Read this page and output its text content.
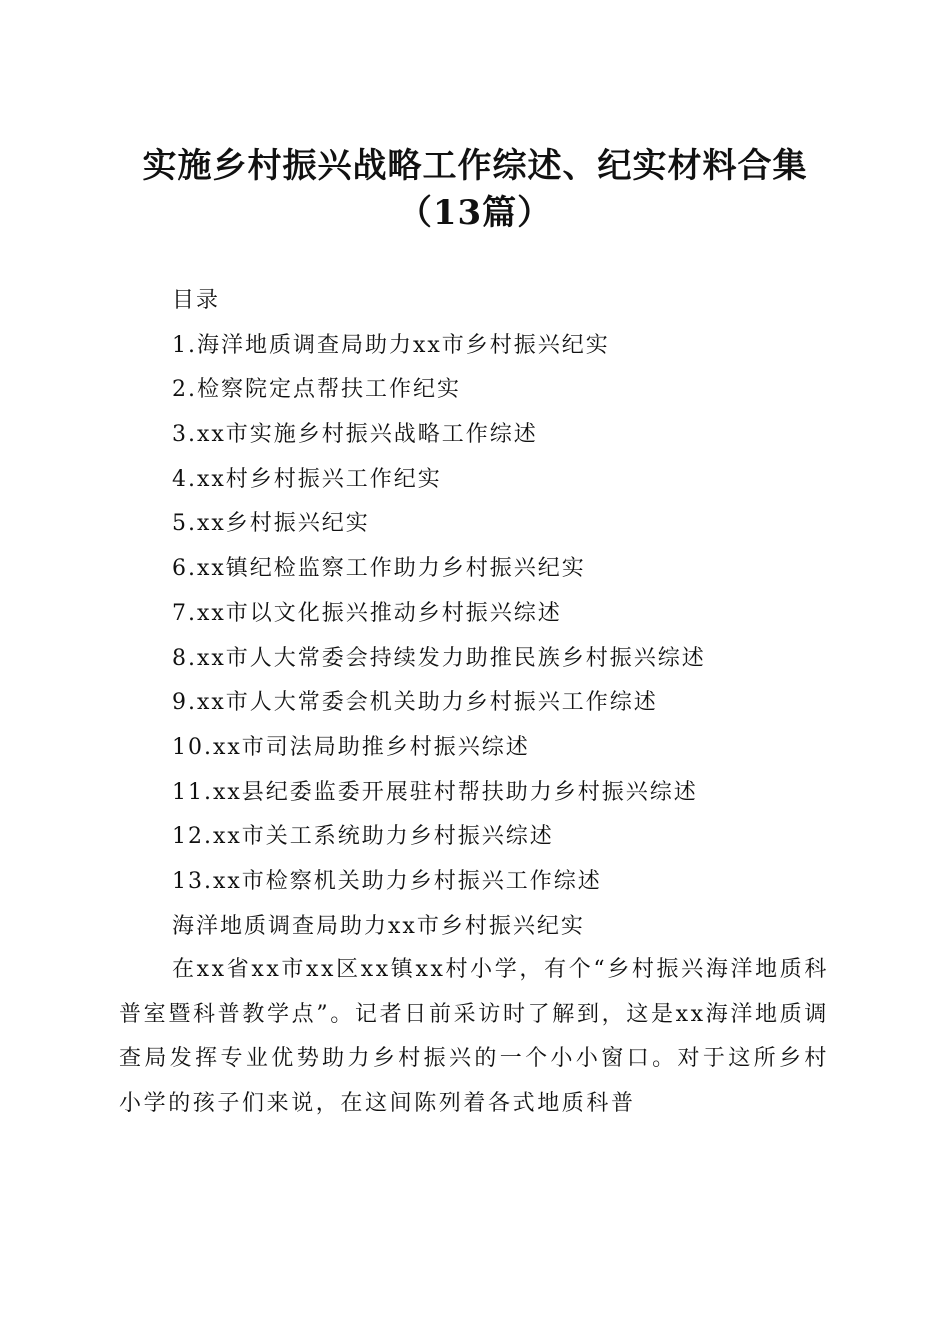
实施乡村振兴战略工作综述、纪实材料合集
（13篇）
目录
1.海洋地质调查局助力xx市乡村振兴纪实
2.检察院定点帮扶工作纪实
3.xx市实施乡村振兴战略工作综述
4.xx村乡村振兴工作纪实
5.xx乡村振兴纪实
6.xx镇纪检监察工作助力乡村振兴纪实
7.xx市以文化振兴推动乡村振兴综述
8.xx市人大常委会持续发力助推民族乡村振兴综述
9.xx市人大常委会机关助力乡村振兴工作综述
10.xx市司法局助推乡村振兴综述
11.xx县纪委监委开展驻村帮扶助力乡村振兴综述
12.xx市关工系统助力乡村振兴综述
13.xx市检察机关助力乡村振兴工作综述
海洋地质调查局助力xx市乡村振兴纪实

在xx省xx市xx区xx镇xx村小学，有个“乡村振兴海洋地质科普室暨科普教学点”。记者日前采访时了解到，这是xx海洋地质调查局发挥专业优势助力乡村振兴的一个小小窗口。对于这所乡村小学的孩子们来说，在这间陈列着各式地质科普
